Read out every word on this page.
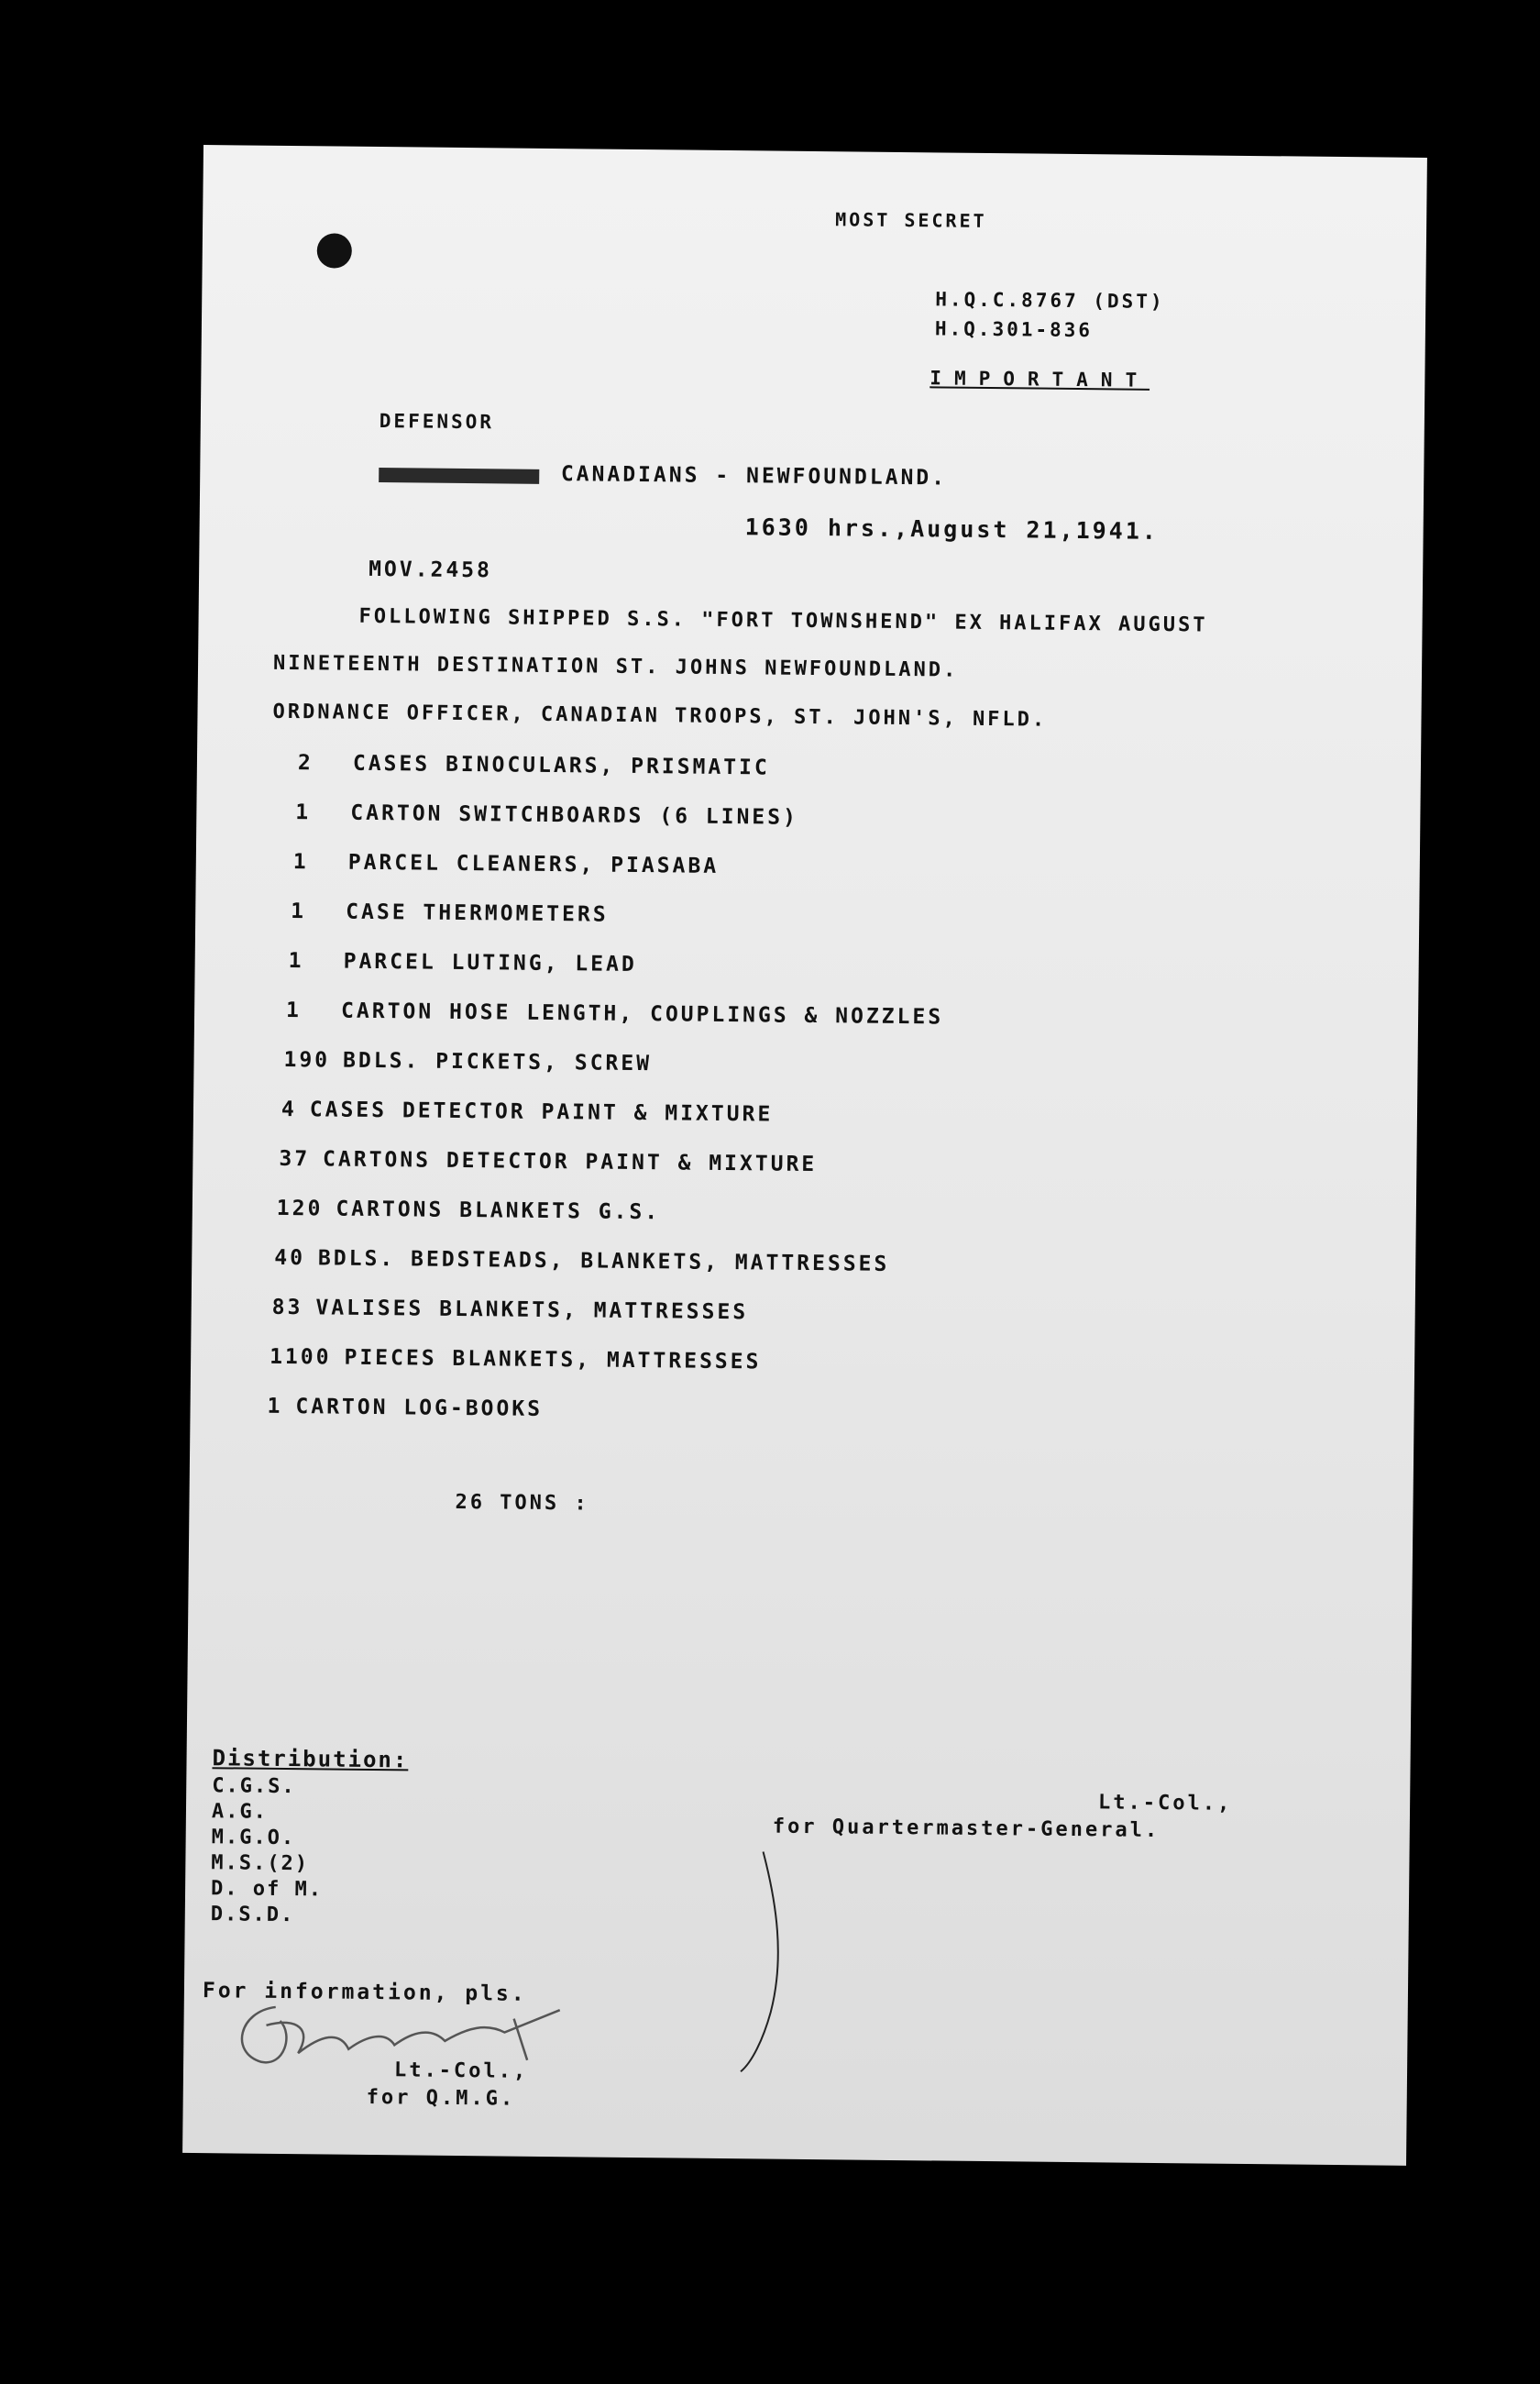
MOST SECRET
H.Q.C.8767 (DST)
H.Q.301-836
IMPORTANT
DEFENSOR
CANADIANS - NEWFOUNDLAND.
1630 hrs.,August 21,1941.
MOV.2458
FOLLOWING SHIPPED S.S. "FORT TOWNSHEND" EX HALIFAX AUGUST
NINETEENTH DESTINATION ST. JOHNS NEWFOUNDLAND.
ORDNANCE OFFICER, CANADIAN TROOPS, ST. JOHN'S, NFLD.
2 CASES BINOCULARS, PRISMATIC
1 CARTON SWITCHBOARDS (6 LINES)
1 PARCEL CLEANERS, PIASABA
1 CASE THERMOMETERS
1 PARCEL LUTING, LEAD
1 CARTON HOSE LENGTH, COUPLINGS & NOZZLES
190 BDLS. PICKETS, SCREW
4 CASES DETECTOR PAINT & MIXTURE
37 CARTONS DETECTOR PAINT & MIXTURE
120 CARTONS BLANKETS G.S.
40 BDLS. BEDSTEADS, BLANKETS, MATTRESSES
83 VALISES BLANKETS, MATTRESSES
1100 PIECES BLANKETS, MATTRESSES
1 CARTON LOG-BOOKS
26 TONS :
Distribution:
C.G.S.
A.G.
M.G.O.
M.S.(2)
D. of M.
D.S.D.
Lt.-Col.,
for Quartermaster-General.
For information, pls.
Lt.-Col.,
for Q.M.G.
